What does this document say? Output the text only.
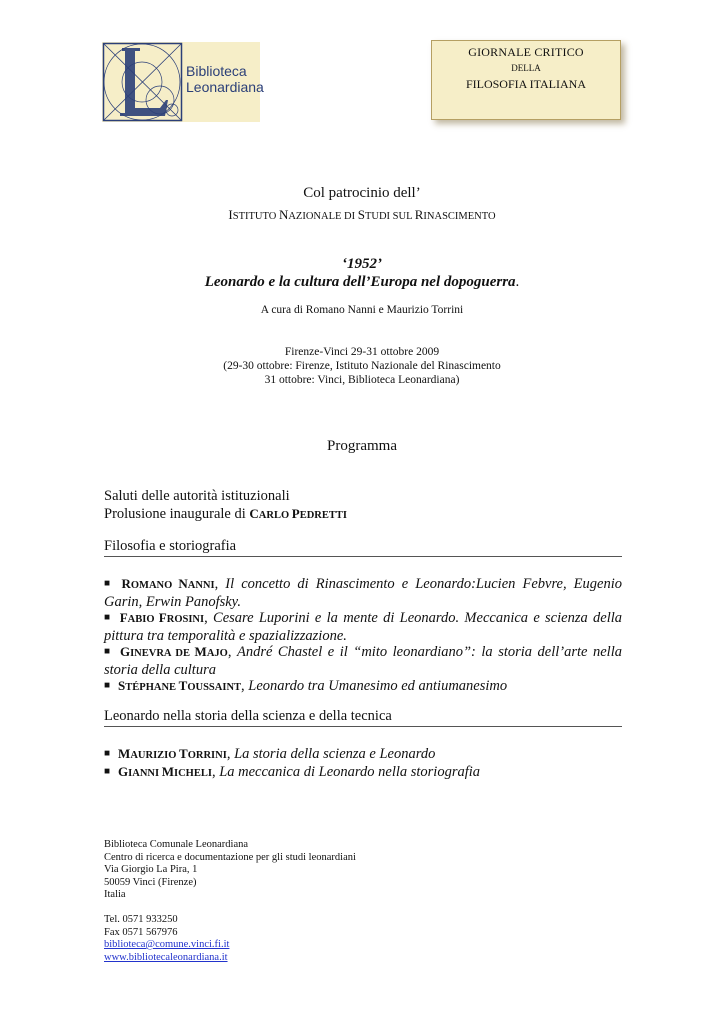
Biblioteca
Leonardiana
GIORNALE CRITICO
DELLA
FILOSOFIA ITALIANA
Col patrocinio dell’
ISTITUTO NAZIONALE DI STUDI SUL RINASCIMENTO
‘1952’
Leonardo e la cultura dell’Europa nel dopoguerra.
A cura di Romano Nanni e Maurizio Torrini
Firenze-Vinci 29-31 ottobre 2009
(29-30 ottobre: Firenze, Istituto Nazionale del Rinascimento
31 ottobre: Vinci, Biblioteca Leonardiana)
Programma
Saluti delle autorità istituzionali
Prolusione inaugurale di CARLO PEDRETTI
Filosofia e storiografia
■ ROMANO NANNI, Il concetto di Rinascimento e Leonardo:Lucien Febvre, Eugenio Garin, Erwin Panofsky.
■ FABIO FROSINI, Cesare Luporini e la mente di Leonardo. Meccanica e scienza della pittura tra temporalità e spazializzazione.
■ GINEVRA DE MAJO, André Chastel e il “mito leonardiano”: la storia dell’arte nella storia della cultura
■ STÉPHANE TOUSSAINT, Leonardo tra Umanesimo ed antiumanesimo
Leonardo nella storia della scienza e della tecnica
■ MAURIZIO TORRINI, La storia della scienza e Leonardo
■ GIANNI MICHELI, La meccanica di Leonardo nella storiografia
Biblioteca Comunale Leonardiana
Centro di ricerca e documentazione per gli studi leonardiani
Via Giorgio La Pira, 1
50059 Vinci (Firenze)
Italia
Tel. 0571 933250
Fax 0571 567976
biblioteca@comune.vinci.fi.it
www.bibliotecaleonardiana.it
